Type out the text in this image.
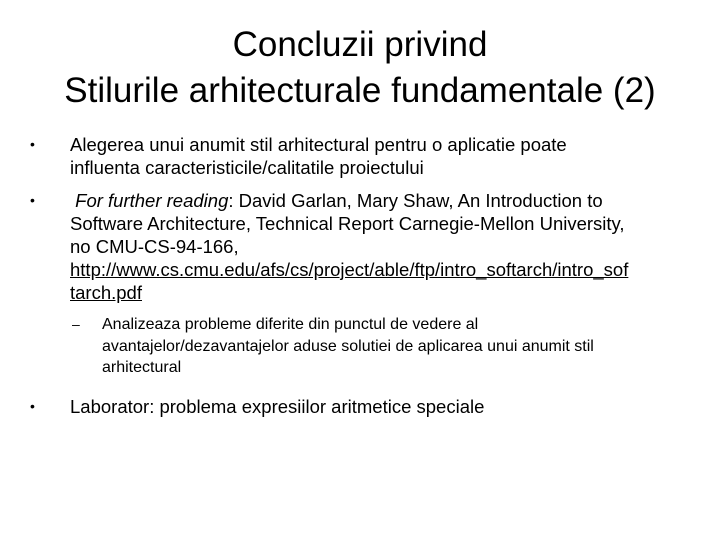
Concluzii privind
Stilurile arhitecturale fundamentale (2)
•	Alegerea unui anumit stil arhitectural pentru o aplicatie poate
influenta caracteristicile/calitatile proiectului
•	For further reading: David Garlan, Mary Shaw, An Introduction to
Software Architecture, Technical Report Carnegie-Mellon University,
no CMU-CS-94-166,
http://www.cs.cmu.edu/afs/cs/project/able/ftp/intro_softarch/intro_sof
tarch.pdf
– Analizeaza probleme diferite din punctul de vedere al
avantajelor/dezavantajelor aduse solutiei de aplicarea unui anumit stil
arhitectural
•	Laborator: problema expresiilor aritmetice speciale
